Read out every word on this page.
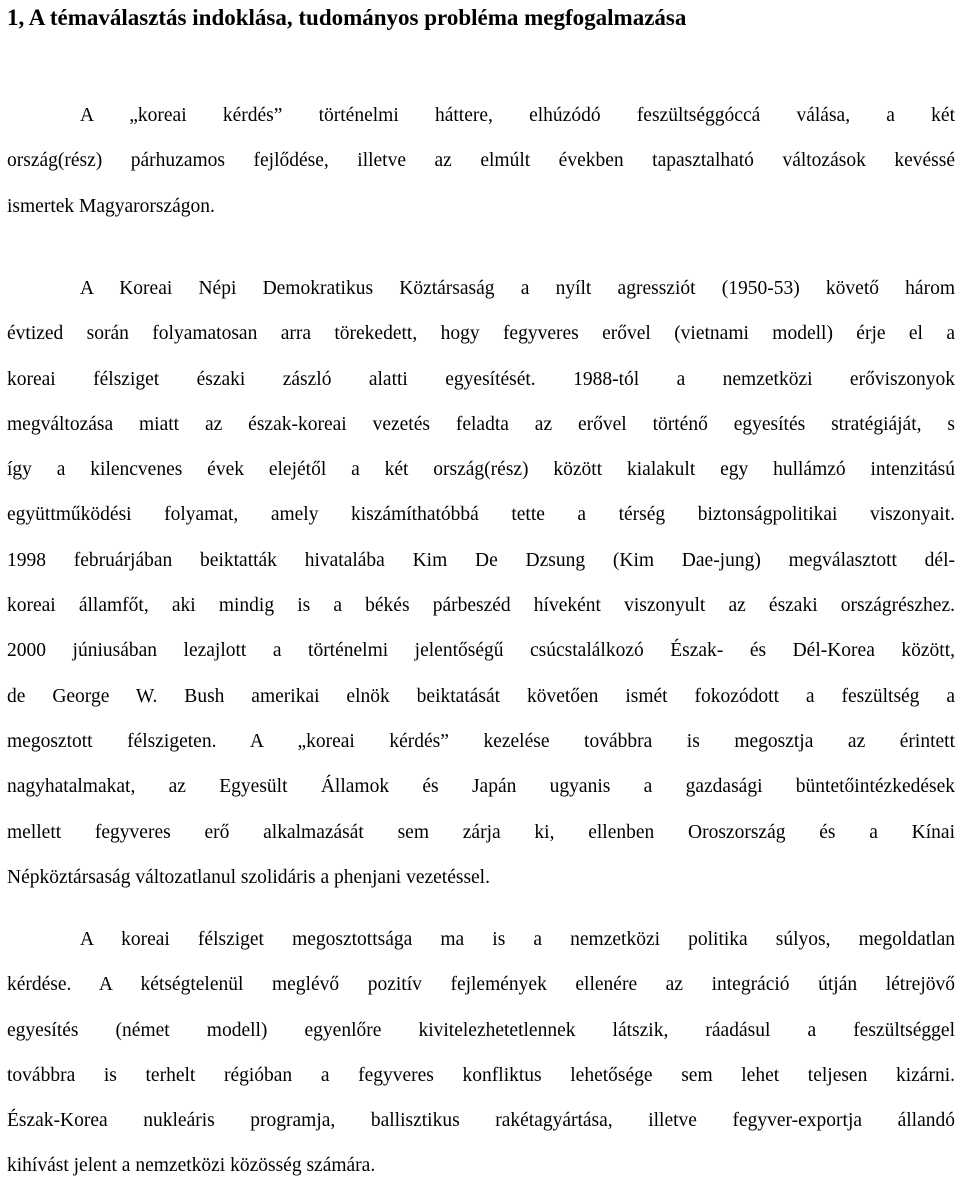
1, A témaválasztás indoklása, tudományos probléma megfogalmazása
A „koreai kérdés” történelmi háttere, elhúzódó feszültséggóccá válása, a két
ország(rész) párhuzamos fejlődése, illetve az elmúlt években tapasztalható változások kevéssé
ismertek Magyarországon.
A Koreai Népi Demokratikus Köztársaság a nyílt agressziót (1950-53) követő három
évtized során folyamatosan arra törekedett, hogy fegyveres erővel (vietnami modell) érje el a
koreai félsziget északi zászló alatti egyesítését. 1988-tól a nemzetközi erőviszonyok
megváltozása miatt az észak-koreai vezetés feladta az erővel történő egyesítés stratégiáját, s
így a kilencvenes évek elejétől a két ország(rész) között kialakult egy hullámzó intenzitású
együttműködési folyamat, amely kiszámíthatóbbá tette a térség biztonságpolitikai viszonyait.
1998 februárjában beiktatták hivatalába Kim De Dzsung (Kim Dae-jung) megválasztott dél-
koreai államfőt, aki mindig is a békés párbeszéd híveként viszonyult az északi országrészhez.
2000 júniusában lezajlott a történelmi jelentőségű csúcstalálkozó Észak- és Dél-Korea között,
de George W. Bush amerikai elnök beiktatását követően ismét fokozódott a feszültség a
megosztott félszigeten. A „koreai kérdés” kezelése továbbra is megosztja az érintett
nagyhatalmakat, az Egyesült Államok és Japán ugyanis a gazdasági büntetőintézkedések
mellett fegyveres erő alkalmazását sem zárja ki, ellenben Oroszország és a Kínai
Népköztársaság változatlanul szolidáris a phenjani vezetéssel.
A koreai félsziget megosztottsága ma is a nemzetközi politika súlyos, megoldatlan
kérdése. A kétségtelenül meglévő pozitív fejlemények ellenére az integráció útján létrejövő
egyesítés (német modell) egyenlőre kivitelezhetetlennek látszik, ráadásul a feszültséggel
továbbra is terhelt régióban a fegyveres konfliktus lehetősége sem lehet teljesen kizárni.
Észak-Korea nukleáris programja, ballisztikus rakétagyártása, illetve fegyver-exportja állandó
kihívást jelent a nemzetközi közösség számára.
